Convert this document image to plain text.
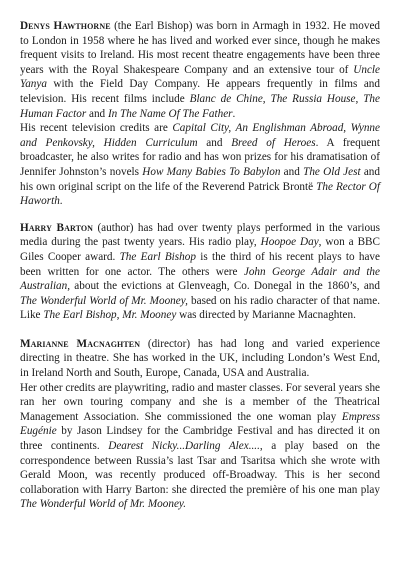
Denys Hawthorne (the Earl Bishop) was born in Armagh in 1932. He moved to London in 1958 where he has lived and worked ever since, though he makes frequent visits to Ireland. His most recent theatre engagements have been three years with the Royal Shakespeare Company and an extensive tour of Uncle Yanya with the Field Day Company. He appears frequently in films and television. His recent films include Blanc de Chine, The Russia House, The Human Factor and In The Name Of The Father.

His recent television credits are Capital City, An Englishman Abroad, Wynne and Penkovsky, Hidden Curriculum and Breed of Heroes. A frequent broadcaster, he also writes for radio and has won prizes for his dramatisation of Jennifer Johnston’s novels How Many Babies To Babylon and The Old Jest and his own original script on the life of the Reverend Patrick Brontë The Rector Of Haworth.

Harry Barton (author) has had over twenty plays performed in the various media during the past twenty years. His radio play, Hoopoe Day, won a BBC Giles Cooper award. The Earl Bishop is the third of his recent plays to have been written for one actor. The others were John George Adair and the Australian, about the evictions at Glenveagh, Co. Donegal in the 1860’s, and The Wonderful World of Mr. Mooney, based on his radio character of that name. Like The Earl Bishop, Mr. Mooney was directed by Marianne Macnaghten.

Marianne Macnaghten (director) has had long and varied experience directing in theatre. She has worked in the UK, including London’s West End, in Ireland North and South, Europe, Canada, USA and Australia.

Her other credits are playwriting, radio and master classes. For several years she ran her own touring company and she is a member of the Theatrical Management Association. She commissioned the one woman play Empress Eugénie by Jason Lindsey for the Cambridge Festival and has directed it on three continents. Dearest Nicky...Darling Alex...., a play based on the correspondence between Russia’s last Tsar and Tsaritsa which she wrote with Gerald Moon, was recently produced off-Broadway. This is her second collaboration with Harry Barton: she directed the première of his one man play The Wonderful World of Mr. Mooney.
